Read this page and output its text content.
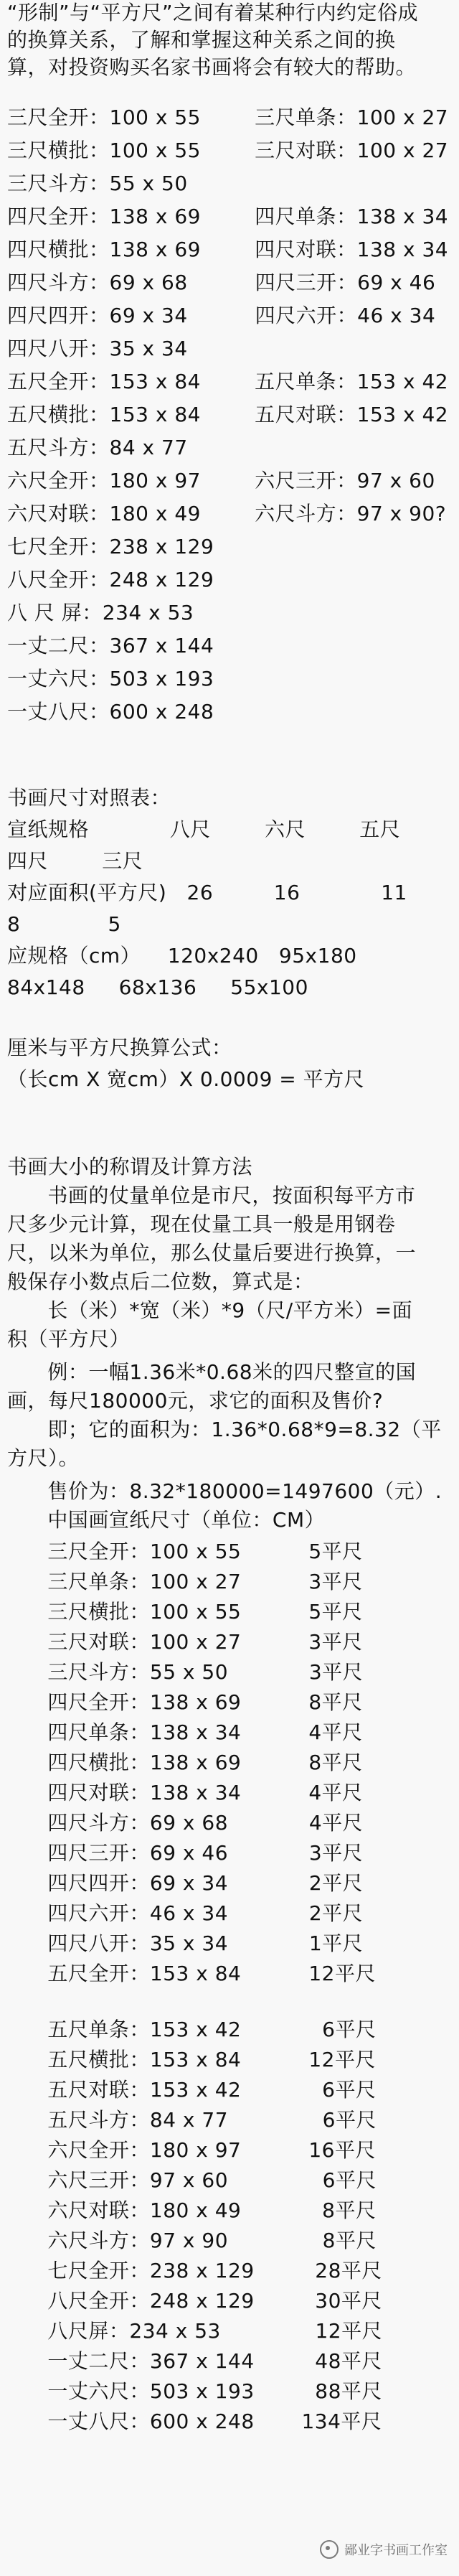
“形制”与“平方尺”之间有着某种行内约定俗成
的换算关系，了解和掌握这种关系之间的换
算，对投资购买名家书画将会有较大的帮助。
三尺全开：100 x 55        三尺单条：100 x 27
三尺横批：100 x 55        三尺对联：100 x 27
三尺斗方：55 x 50
四尺全开：138 x 69        四尺单条：138 x 34
四尺横批：138 x 69        四尺对联：138 x 34
四尺斗方：69 x 68          四尺三开：69 x 46
四尺四开：69 x 34          四尺六开：46 x 34
四尺八开：35 x 34
五尺全开：153 x 84        五尺单条：153 x 42
五尺横批：153 x 84        五尺对联：153 x 42
五尺斗方：84 x 77
六尺全开：180 x 97        六尺三开：97 x 60
六尺对联：180 x 49        六尺斗方：97 x 90?
七尺全开：238 x 129
八尺全开：248 x 129
八 尺 屏：234 x 53
一丈二尺：367 x 144
一丈六尺：503 x 193
一丈八尺：600 x 248
书画尺寸对照表：
宣纸规格            八尺        六尺        五尺
四尺        三尺
对应面积(平方尺)   26         16            11
8             5
应规格（cm）    120x240   95x180
84x148     68x136     55x100
厘米与平方尺换算公式：
（长cm X 宽cm）X 0.0009 = 平方尺
书画大小的称谓及计算方法
书画的仗量单位是市尺，按面积每平方市
尺多少元计算，现在仗量工具一般是用钢卷
尺，以米为单位，那么仗量后要进行换算，一
般保存小数点后二位数，算式是：
长（米）*宽（米）*9（尺/平方米）=面
积（平方尺）
例：一幅1.36米*0.68米的四尺整宣的国
画，每尺180000元，求它的面积及售价?
即；它的面积为：1.36*0.68*9=8.32（平
方尺）。
售价为：8.32*180000=1497600（元）.
中国画宣纸尺寸（单位：CM）
三尺全开：100 x 55          5平尺
三尺单条：100 x 27          3平尺
三尺横批：100 x 55          5平尺
三尺对联：100 x 27          3平尺
三尺斗方：55 x 50            3平尺
四尺全开：138 x 69          8平尺
四尺单条：138 x 34          4平尺
四尺横批：138 x 69          8平尺
四尺对联：138 x 34          4平尺
四尺斗方：69 x 68            4平尺
四尺三开：69 x 46            3平尺
四尺四开：69 x 34            2平尺
四尺六开：46 x 34            2平尺
四尺八开：35 x 34            1平尺
五尺全开：153 x 84          12平尺
五尺单条：153 x 42            6平尺
五尺横批：153 x 84          12平尺
五尺对联：153 x 42            6平尺
五尺斗方：84 x 77              6平尺
六尺全开：180 x 97          16平尺
六尺三开：97 x 60              6平尺
六尺对联：180 x 49            8平尺
六尺斗方：97 x 90              8平尺
七尺全开：238 x 129         28平尺
八尺全开：248 x 129         30平尺
八尺屏：234 x 53              12平尺
一丈二尺：367 x 144         48平尺
一丈六尺：503 x 193         88平尺
一丈八尺：600 x 248       134平尺
鄙业字书画工作室
